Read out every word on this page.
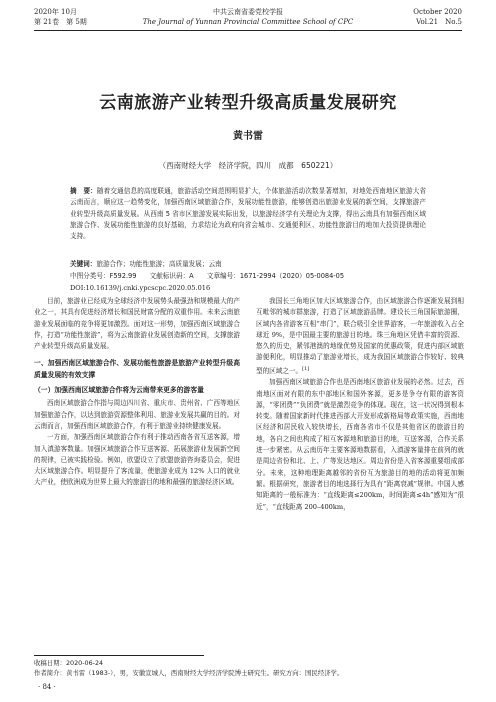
2020年 10月
第 21卷　第 5期
中共云南省委党校学报
The Journal of Yunnan Provincial Committee School of CPC
October 2020
Vol.21　No.5
云南旅游产业转型升级高质量发展研究
黄书雷
（西南财经大学　经济学院，四川　成都　650221）
摘　要：随着交通信息的高度联通，旅游活动空间范围明显扩大，个体旅游活动次数显著增加，对地处西南地区旅游大省云南而言，顺应这一趋势变化，加强西南区域旅游合作，发展功能性旅游，能够创造出旅游业发展的新空间，支撑旅游产业转型升级高质量发展。从西南 5 省市区旅游发展实际出发，以旅游经济学有关理论为支撑，得出云南具有加强西南区域旅游合作、发展功能性旅游的良好基础，力求结论为政府向省会城市、交通便利区、功能性旅游目的地加大投资提供理论支持。
关键词：旅游合作；功能性旅游；高质量发展；云南
中图分类号：F592.99　　文献标识码：A　　文章编号：1671-2994（2020）05-0084-05
DOI:10.16139/j.cnki.ypcscpc.2020.05.016

目前，旅游业已经成为全球经济中发展势头最强劲和规模最大的产业之一，其具有促进经济增长和国民财富分配的双重作用。未来云南旅游业发展面临的竞争将更加激烈。面对这一形势，加强西南区域旅游合作，打造“功能性旅游”，将为云南旅游业发展创造新的空间，支撑旅游产业转型升级高质量发展。

一、加强西南区域旅游合作、发展功能性旅游是旅游产业转型升级高质量发展的有效支撑
（一）加强西南区域旅游合作将为云南带来更多的游客量

西南区域旅游合作指与周边四川省、重庆市、贵州省、广西等地区加强旅游合作，以达到旅游资源整体利用、旅游业发展共赢的目的。对云南而言，加强西南区域旅游合作，有利于旅游业持续健康发展。

一方面，加强西南区域旅游合作有利于推动西南各省互送客源，增加入滇游客数量。加强区域旅游合作互送客源、拓展旅游业发展新空间的规律，已被实践检验。例如，欧盟设立了欧盟旅游咨询委员会，促进大区域旅游合作。明显提升了客流量，使旅游业成为 12% 人口的就业大产业，使欧洲成为世界上最大的旅游目的地和最强的旅游经济区域。

我国长三角地区加大区域旅游合作，由区域旅游合作逐渐发展到相互毗邻的城市群旅游，打造了区域旅游品牌。建设长三角国际旅游圈，区域内各省游客互相“串门”，联合吸引全世界游客，一年旅游收入占全球近 9%，是中国最主要的旅游目的地。珠三角地区凭借丰富的资源、悠久的历史，紧邻港澳的地缘优势及国家的优惠政策，促进内部区域旅游便利化，明显推动了旅游业增长，成为我国区域旅游合作较好、较典型的区域之一。[1]

加强西南区域旅游合作也是西南地区旅游业发展的必然。过去，西南地区面对有限的东中部地区和国外客源，更多是争夺有限的游客资源，“零团费”“负团费”就是激烈竞争的体现。现在，这一状况得到根本转变。随着国家新时代推进西部大开发形成新格局等政策实施，西南地区经济和居民收入较快增长，西南各省市不仅是其他省区的旅游目的地，各自之间也构成了相互客源地和旅游目的地，互送客源，合作关系进一步紧密。从云南历年主要客源地数据看，入滇游客量排在前列的就是周边省份和北、上、广等发达地区。周边省份是入省客源重要组成部分。未来，这种地理距离越邻的省份互为旅游目的地的活动将更加频繁。根据研究，旅游者目的地选择行为具有“距离衰减”规律。中国人感知距离的一般标准为：“直线距离≤200km，时间距离≤4h”感知为“很近”，“直线距离 200–400km，

收稿日期：2020-06-24
作者简介：黄书雷（1983-），男，安徽宣城人，西南财经大学经济学院博士研究生。研究方向：国民经济学。
· 84 ·
